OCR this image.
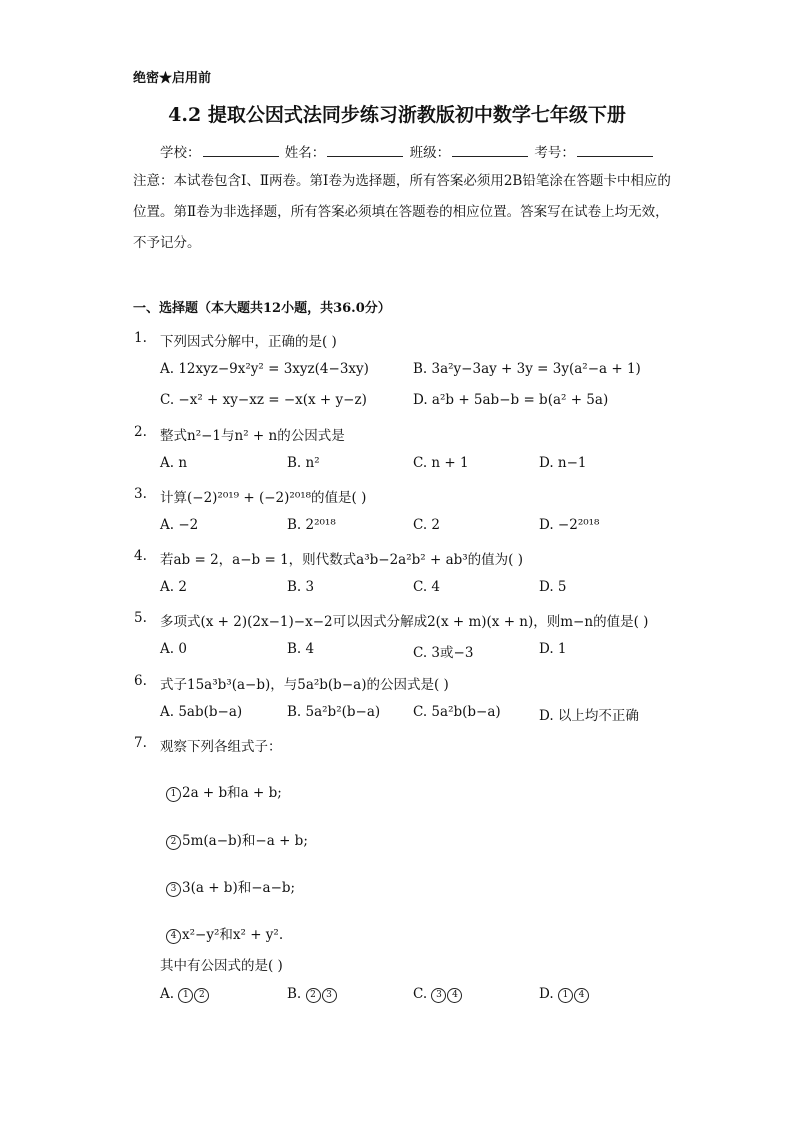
绝密★启用前
4.2 提取公因式法同步练习浙教版初中数学七年级下册
学校：	姓名：	班级：	考号：
注意：本试卷包含Ⅰ、Ⅱ两卷。第Ⅰ卷为选择题，所有答案必须用2B铅笔涂在答题卡中相应的位置。第Ⅱ卷为非选择题，所有答案必须填在答题卷的相应位置。答案写在试卷上均无效，不予记分。
一、选择题（本大题共12小题，共36.0分）
1. 下列因式分解中，正确的是( )
A. 12xyz−9x²y² = 3xyz(4−3xy)	B. 3a²y−3ay + 3y = 3y(a²−a + 1)
C. −x² + xy−xz = −x(x + y−z)	D. a²b + 5ab−b = b(a² + 5a)
2. 整式n²−1与n² + n的公因式是
A. n	B. n²	C. n + 1	D. n−1
3. 计算(−2)²⁰¹⁹ + (−2)²⁰¹⁸的值是( )
A. −2	B. 2²⁰¹⁸	C. 2	D. −2²⁰¹⁸
4. 若ab = 2，a−b = 1，则代数式a³b−2a²b² + ab³的值为( )
A. 2	B. 3	C. 4	D. 5
5. 多项式(x + 2)(2x−1)−x−2可以因式分解成2(x + m)(x + n)，则m−n的值是( )
A. 0	B. 4	C. 3或−3	D. 1
6. 式子15a³b³(a−b)，与5a²b(b−a)的公因式是( )
A. 5ab(b−a)	B. 5a²b²(b−a) C. 5a²b(b−a)	D. 以上均不正确
7. 观察下列各组式子：
1 2a + b和a + b;
2 5m(a−b)和−a + b;
3 3(a + b)和−a−b;
4 x²−y²和x² + y².
其中有公因式的是( )
A. 1 2	B. 2 3	C. 3 4	D. 1 4
